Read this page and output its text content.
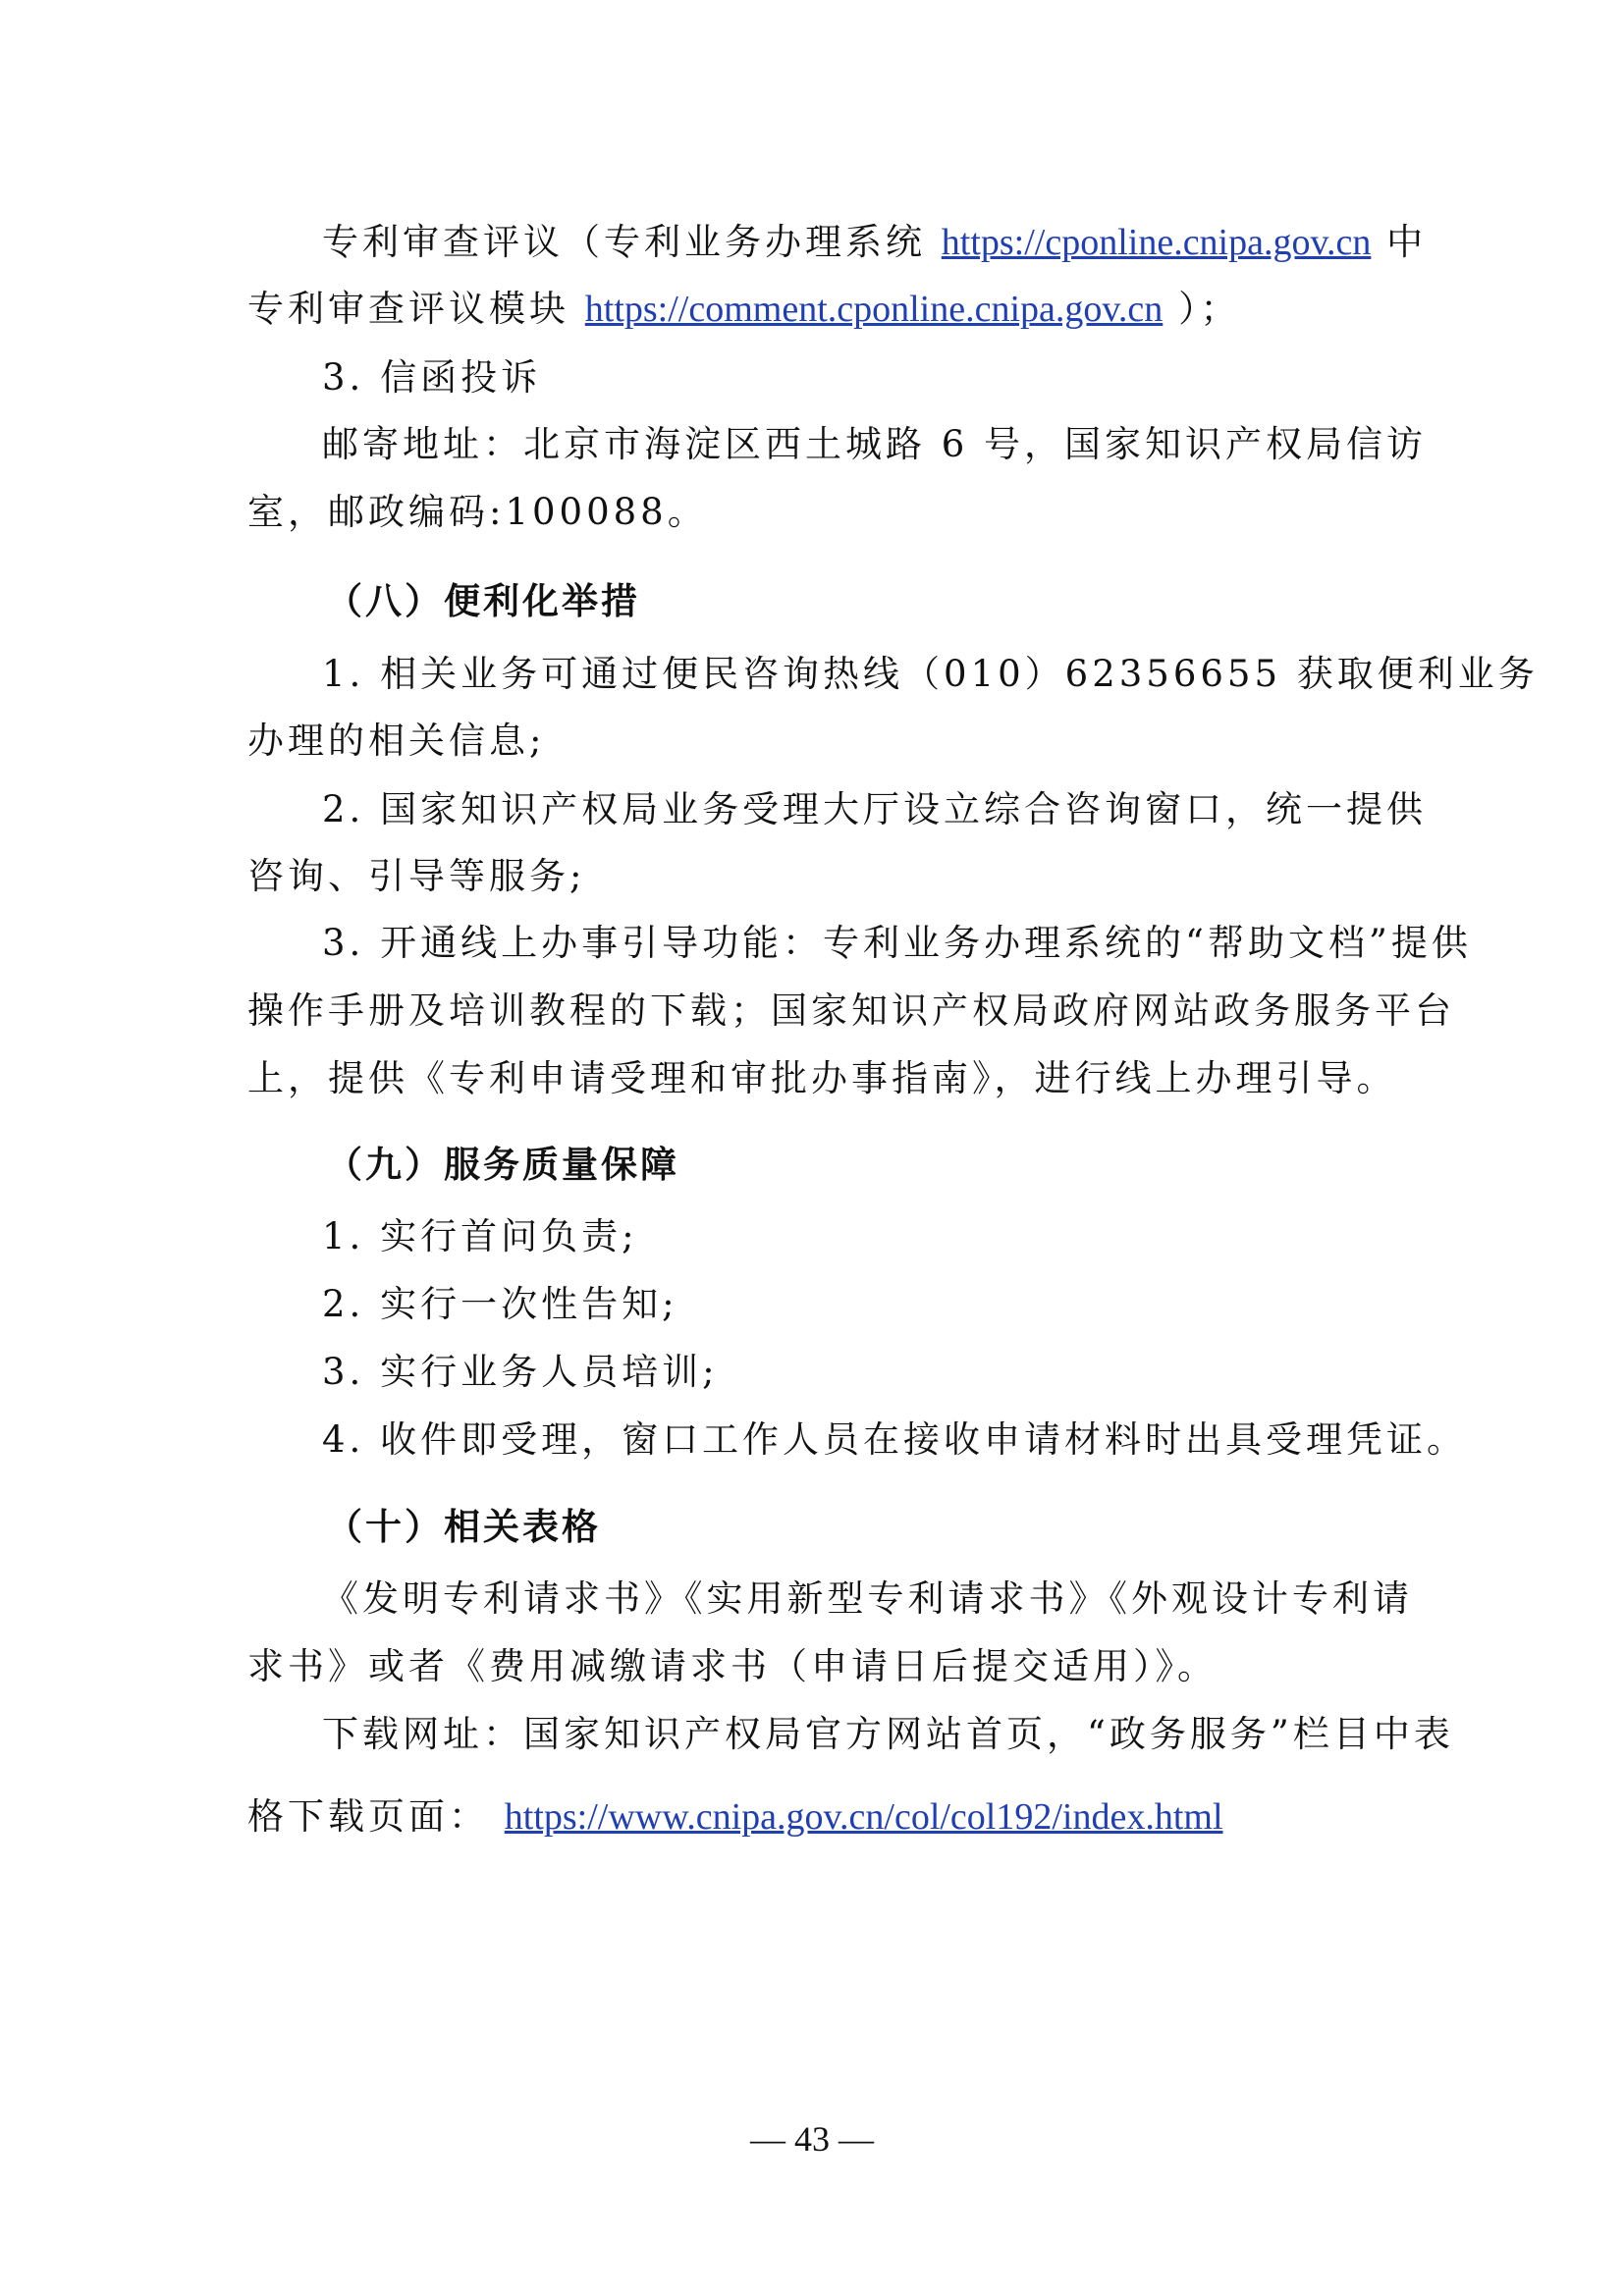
专利审查评议（专利业务办理系统 https://cponline.cnipa.gov.cn 中
专利审查评议模块 https://comment.cponline.cnipa.gov.cn ）；
3. 信函投诉
邮寄地址：北京市海淀区西土城路 6 号，国家知识产权局信访
室，邮政编码:100088。
（八）便利化举措
1. 相关业务可通过便民咨询热线（010）62356655 获取便利业务
办理的相关信息;
2. 国家知识产权局业务受理大厅设立综合咨询窗口，统一提供
咨询、引导等服务;
3. 开通线上办事引导功能：专利业务办理系统的“帮助文档”提供
操作手册及培训教程的下载；国家知识产权局政府网站政务服务平台
上，提供《专利申请受理和审批办事指南》，进行线上办理引导。
（九）服务质量保障
1. 实行首问负责;
2. 实行一次性告知;
3. 实行业务人员培训;
4. 收件即受理，窗口工作人员在接收申请材料时出具受理凭证。
（十）相关表格
《发明专利请求书》《实用新型专利请求书》《外观设计专利请
求书》或者《费用减缴请求书（申请日后提交适用）》。
下载网址：国家知识产权局官方网站首页，“政务服务”栏目中表
格下载页面： https://www.cnipa.gov.cn/col/col192/index.html
— 43 —
